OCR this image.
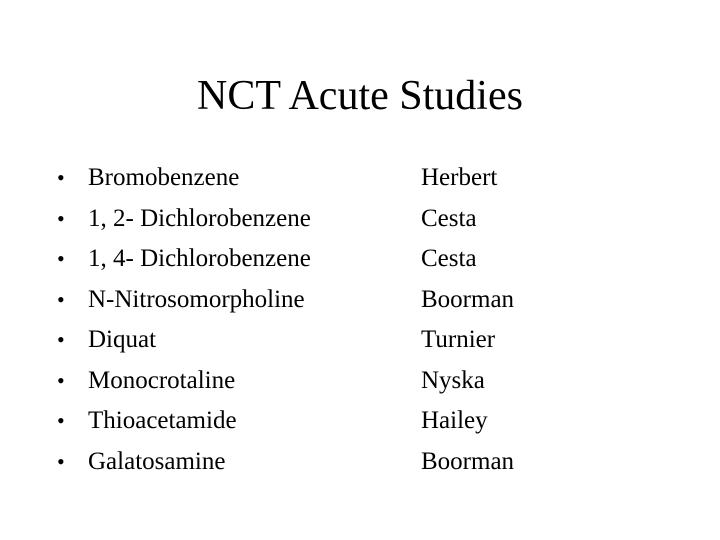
NCT Acute Studies
• Bromobenzene	Herbert
• 1, 2- Dichlorobenzene	Cesta
• 1, 4- Dichlorobenzene	Cesta
• N-Nitrosomorpholine	Boorman
• Diquat	Turnier
• Monocrotaline	Nyska
• Thioacetamide	Hailey
• Galatosamine	Boorman
